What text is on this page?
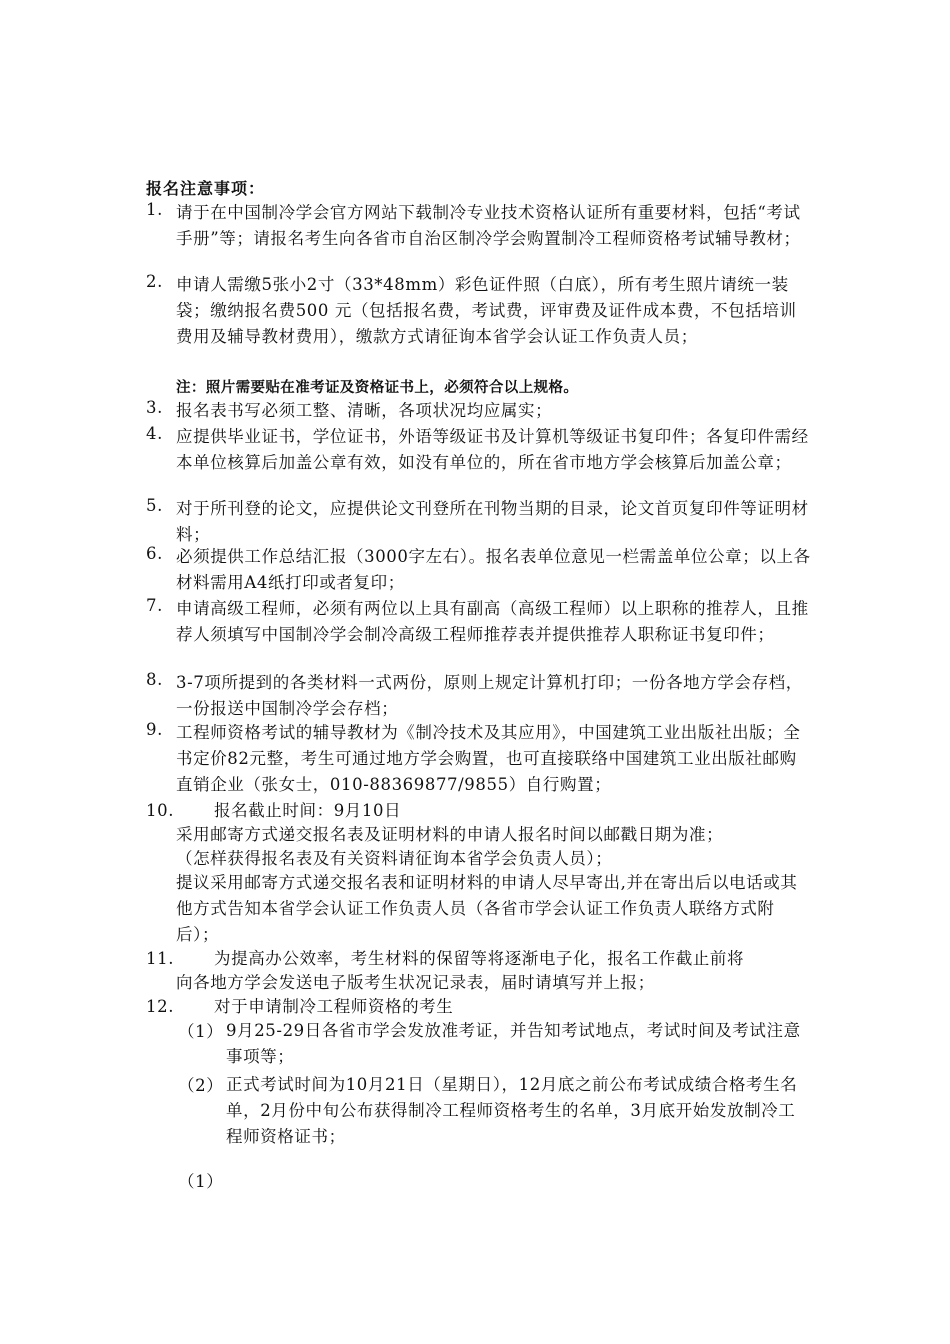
报名注意事项：
1. 请于在中国制冷学会官方网站下载制冷专业技术资格认证所有重要材料，包括“考试手册”等；请报名考生向各省市自治区制冷学会购置制冷工程师资格考试辅导教材；
2. 申请人需缴5张小2寸（33*48mm）彩色证件照（白底），所有考生照片请统一装袋；缴纳报名费500 元（包括报名费，考试费，评审费及证件成本费，不包括培训费用及辅导教材费用），缴款方式请征询本省学会认证工作负责人员；
注：照片需要贴在准考证及资格证书上，必须符合以上规格。
3. 报名表书写必须工整、清晰，各项状况均应属实；
4. 应提供毕业证书，学位证书，外语等级证书及计算机等级证书复印件；各复印件需经本单位核算后加盖公章有效，如没有单位的，所在省市地方学会核算后加盖公章；
5. 对于所刊登的论文，应提供论文刊登所在刊物当期的目录，论文首页复印件等证明材料；
6. 必须提供工作总结汇报（3000字左右）。报名表单位意见一栏需盖单位公章；以上各材料需用A4纸打印或者复印；
7. 申请高级工程师，必须有两位以上具有副高（高级工程师）以上职称的推荐人，且推荐人须填写中国制冷学会制冷高级工程师推荐表并提供推荐人职称证书复印件；
8. 3-7项所提到的各类材料一式两份，原则上规定计算机打印；一份各地方学会存档，一份报送中国制冷学会存档；
9. 工程师资格考试的辅导教材为《制冷技术及其应用》，中国建筑工业出版社出版；全书定价82元整，考生可通过地方学会购置，也可直接联络中国建筑工业出版社邮购直销企业（张女士，010-88369877/9855）自行购置；
10. 报名截止时间：9月10日
采用邮寄方式递交报名表及证明材料的申请人报名时间以邮戳日期为准；
（怎样获得报名表及有关资料请征询本省学会负责人员）；
提议采用邮寄方式递交报名表和证明材料的申请人尽早寄出,并在寄出后以电话或其他方式告知本省学会认证工作负责人员（各省市学会认证工作负责人联络方式附后）；
11. 为提高办公效率，考生材料的保留等将逐渐电子化，报名工作截止前将
向各地方学会发送电子版考生状况记录表，届时请填写并上报；
12. 对于申请制冷工程师资格的考生
（1） 9月25-29日各省市学会发放准考证，并告知考试地点，考试时间及考试注意事项等；
（2） 正式考试时间为10月21日（星期日），12月底之前公布考试成绩合格考生名单，2月份中旬公布获得制冷工程师资格考生的名单，3月底开始发放制冷工程师资格证书；
（1）
